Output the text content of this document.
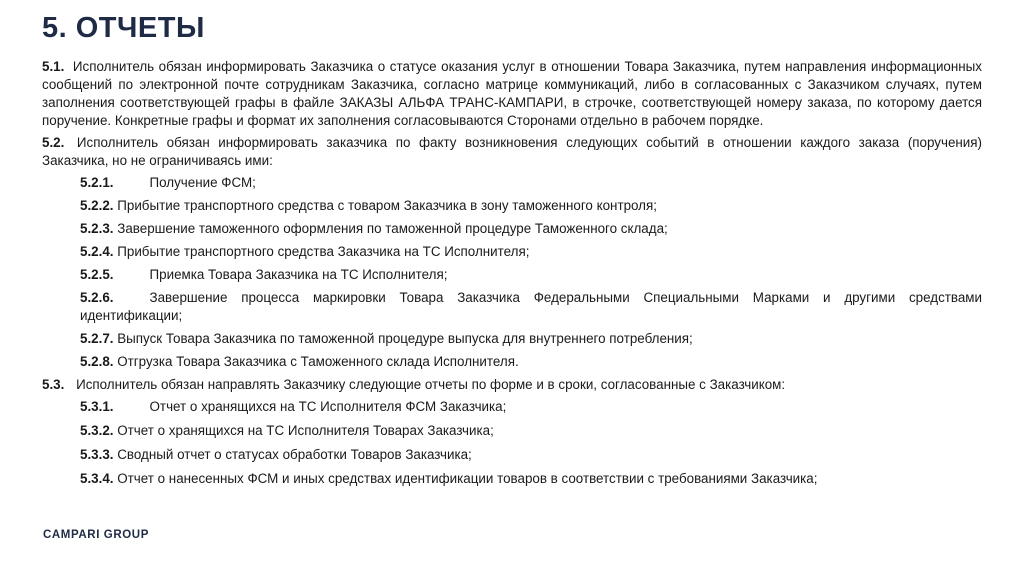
5. ОТЧЕТЫ

5.1. Исполнитель обязан информировать Заказчика о статусе оказания услуг в отношении Товара Заказчика, путем направления информационных сообщений по электронной почте сотрудникам Заказчика, согласно матрице коммуникаций, либо в согласованных с Заказчиком случаях, путем заполнения соответствующей графы в файле ЗАКАЗЫ АЛЬФА ТРАНС-КАМПАРИ, в строчке, соответствующей номеру заказа, по которому дается поручение. Конкретные графы и формат их заполнения согласовываются Сторонами отдельно в рабочем порядке.

5.2. Исполнитель обязан информировать заказчика по факту возникновения следующих событий в отношении каждого заказа (поручения) Заказчика, но не ограничиваясь ими:

5.2.1.	Получение ФСМ;

5.2.2. Прибытие транспортного средства с товаром Заказчика в зону таможенного контроля;

5.2.3. Завершение таможенного оформления по таможенной процедуре Таможенного склада;

5.2.4. Прибытие транспортного средства Заказчика на ТС Исполнителя;

5.2.5.	Приемка Товара Заказчика на ТС Исполнителя;

5.2.6.	Завершение процесса маркировки Товара Заказчика Федеральными Специальными Марками и другими средствами идентификации;

5.2.7. Выпуск Товара Заказчика по таможенной процедуре выпуска для внутреннего потребления;

5.2.8. Отгрузка Товара Заказчика с Таможенного склада Исполнителя.

5.3. Исполнитель обязан направлять Заказчику следующие отчеты по форме и в сроки, согласованные с Заказчиком:

5.3.1.	Отчет о хранящихся на ТС Исполнителя ФСМ Заказчика;

5.3.2. Отчет о хранящихся на ТС Исполнителя Товарах Заказчика;

5.3.3. Сводный отчет о статусах обработки Товаров Заказчика;

5.3.4. Отчет о нанесенных ФСМ и иных средствах идентификации товаров в соответствии с требованиями Заказчика;

CAMPARI GROUP
